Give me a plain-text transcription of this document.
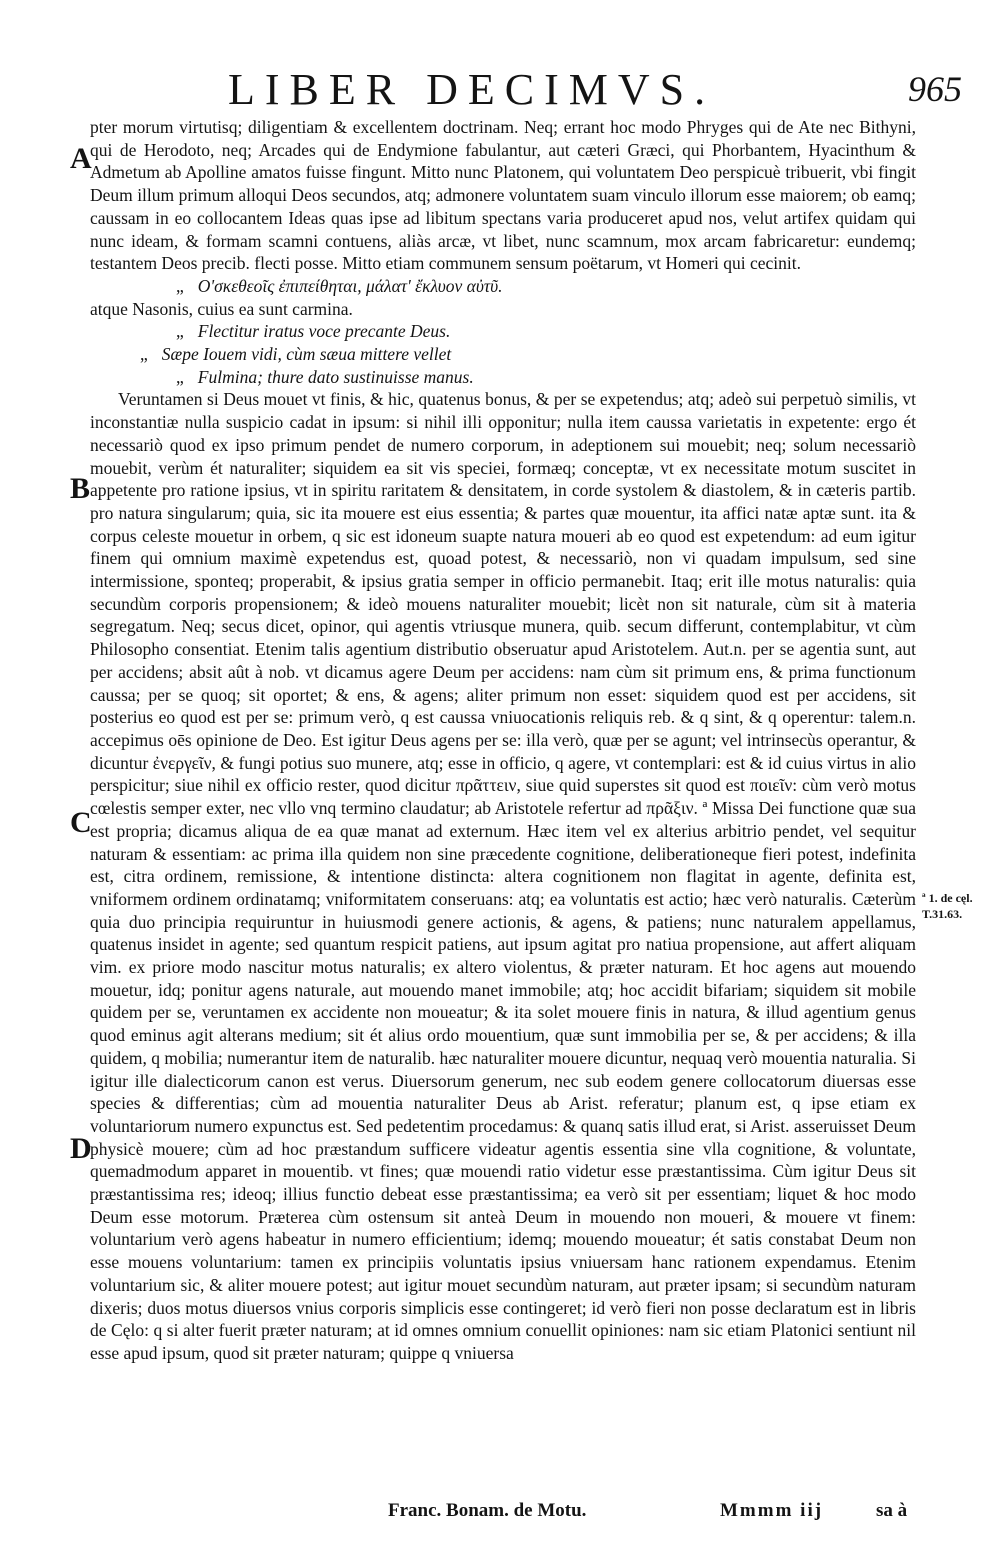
LIBER DECIMVS.	965
A
B
C
D

pter morum virtutisq; diligentiam & excellentem doctrinam. Neq; errant hoc modo Phryges qui de Ate nec Bithyni, qui de Herodoto, neq; Arcades qui de Endymione fabulantur, aut cæteri Græci, qui Phorbantem, Hyacinthum & Admetum ab Apolline amatos fuisse fingunt. Mitto nunc Platonem, qui voluntatem Deo perspicuè tribuerit, vbi fingit Deum illum primum alloqui Deos secundos, atq; admonere voluntatem suam vinculo illorum esse maiorem; ob eamq; caussam in eo collocantem Ideas quas ipse ad libitum spectans varia produceret apud nos, velut artifex quidam qui nunc ideam, & formam scamni contuens, aliàs arcæ, vt libet, nunc scamnum, mox arcam fabricaretur: eundemq; testantem Deos precib. flecti posse. Mitto etiam communem sensum poëtarum, vt Homeri qui cecinit.

„ Ο'σκεθεοῖς ἐπιπείθηται, μάλατ' ἔκλυον αὐτῦ.
atque Nasonis, cuius ea sunt carmina.
„ Flectitur iratus voce precante Deus.
„ Sæpe Iouem vidi, cùm sæua mittere vellet
„ Fulmina; thure dato sustinuisse manus.

Veruntamen si Deus mouet vt finis, & hic, quatenus bonus, & per se expetendus; atq; adeò sui perpetuò similis, vt inconstantiæ nulla suspicio cadat in ipsum: si nihil illi opponitur; nulla item caussa varietatis in expetente: ergo ét necessariò quod ex ipso primum pendet de numero corporum, in adeptionem sui mouebit; neq; solum necessariò mouebit, verùm ét naturaliter; siquidem ea sit vis speciei, formæq; conceptæ, vt ex necessitate motum suscitet in appetente pro ratione ipsius, vt in spiritu raritatem & densitatem, in corde systolem & diastolem, & in cæteris partib. pro natura singularum; quia, sic ita mouere est eius essentia; & partes quæ mouentur, ita affici natæ aptæ sunt. ita & corpus celeste mouetur in orbem, q sic est idoneum suapte natura moueri ab eo quod est expetendum: ad eum igitur finem qui omnium maximè expetendus est, quoad potest, & necessariò, non vi quadam impulsum, sed sine intermissione, sponteq; properabit, & ipsius gratia semper in officio permanebit. Itaq; erit ille motus naturalis: quia secundùm corporis propensionem; & ideò mouens naturaliter mouebit; licèt non sit naturale, cùm sit à materia segregatum. Neq; secus dicet, opinor, qui agentis vtriusque munera, quib. secum differunt, contemplabitur, vt cùm Philosopho consentiat. Etenim talis agentium distributio obseruatur apud Aristotelem. Aut.n. per se agentia sunt, aut per accidens; absit aût à nob. vt dicamus agere Deum per accidens: nam cùm sit primum ens, & prima functionum caussa; per se quoq; sit oportet; & ens, & agens; aliter primum non esset: siquidem quod est per accidens, sit posterius eo quod est per se: primum verò, q est caussa vniuocationis reliquis reb. & q sint, & q operentur: talem.n. accepimus oēs opinione de Deo. Est igitur Deus agens per se: illa verò, quæ per se agunt; vel intrinsecùs operantur, & dicuntur ἐνεργεῖν, & fungi potius suo munere, atq; esse in officio, q agere, vt contemplari: est & id cuius virtus in alio perspicitur; siue nihil ex officio rester, quod dicitur πρᾶττειν, siue quid superstes sit quod est ποιεῖν: cùm verò motus cœlestis semper exter, nec vllo vnq termino claudatur; ab Aristotele refertur ad πρᾶξιν. ª Missa Dei functione quæ sua est propria; dicamus aliqua de ea quæ manat ad externum. Hæc item vel ex alterius arbitrio pendet, vel sequitur naturam & essentiam: ac prima illa quidem non sine præcedente cognitione, deliberationeque fieri potest, indefinita est, citra ordinem, remissione, & intentione distincta: altera cognitionem non flagitat in agente, definita est, vniformem ordinem ordinatamq; vniformitatem conseruans: atq; ea voluntatis est actio; hæc verò naturalis. Cæterùm quia duo principia requiruntur in huiusmodi genere actionis, & agens, & patiens; nunc naturalem appellamus, quatenus insidet in agente; sed quantum respicit patiens, aut ipsum agitat pro natiua propensione, aut affert aliquam vim. ex priore modo nascitur motus naturalis; ex altero violentus, & præter naturam. Et hoc agens aut mouendo mouetur, idq; ponitur agens naturale, aut mouendo manet immobile; atq; hoc accidit bifariam; siquidem sit mobile quidem per se, veruntamen ex accidente non moueatur; & ita solet mouere finis in natura, & illud agentium genus quod eminus agit alterans medium; sit ét alius ordo mouentium, quæ sunt immobilia per se, & per accidens; & illa quidem, q mobilia; numerantur item de naturalib. hæc naturaliter mouere dicuntur, nequaq verò mouentia naturalia. Si igitur ille dialecticorum canon est verus. Diuersorum generum, nec sub eodem genere collocatorum diuersas esse species & differentias; cùm ad mouentia naturaliter Deus ab Arist. referatur; planum est, q ipse etiam ex voluntariorum numero expunctus est. Sed pedetentim procedamus: & quanq satis illud erat, si Arist. asseruisset Deum physicè mouere; cùm ad hoc præstandum sufficere videatur agentis essentia sine vlla cognitione, & voluntate, quemadmodum apparet in mouentib. vt fines; quæ mouendi ratio videtur esse præstantissima. Cùm igitur Deus sit præstantissima res; ideoq; illius functio debeat esse præstantissima; ea verò sit per essentiam; liquet & hoc modo Deum esse motorum. Præterea cùm ostensum sit anteà Deum in mouendo non moueri, & mouere vt finem: voluntarium verò agens habeatur in numero efficientium; idemq; mouendo moueatur; ét satis constabat Deum non esse mouens voluntarium: tamen ex principiis voluntatis ipsius vniuersam hanc rationem expendamus. Etenim voluntarium sic, & aliter mouere potest; aut igitur mouet secundùm naturam, aut præter ipsam; si secundùm naturam dixeris; duos motus diuersos vnius corporis simplicis esse contingeret; id verò fieri non posse declaratum est in libris de Cęlo: q si alter fuerit præter naturam; at id omnes omnium conuellit opiniones: nam sic etiam Platonici sentiunt nil esse apud ipsum, quod sit præter naturam; quippe q vniuersa

ª 1. de cęl.
T.31.63.
Franc. Bonam. de Motu.	Mmmm iij	sa à
